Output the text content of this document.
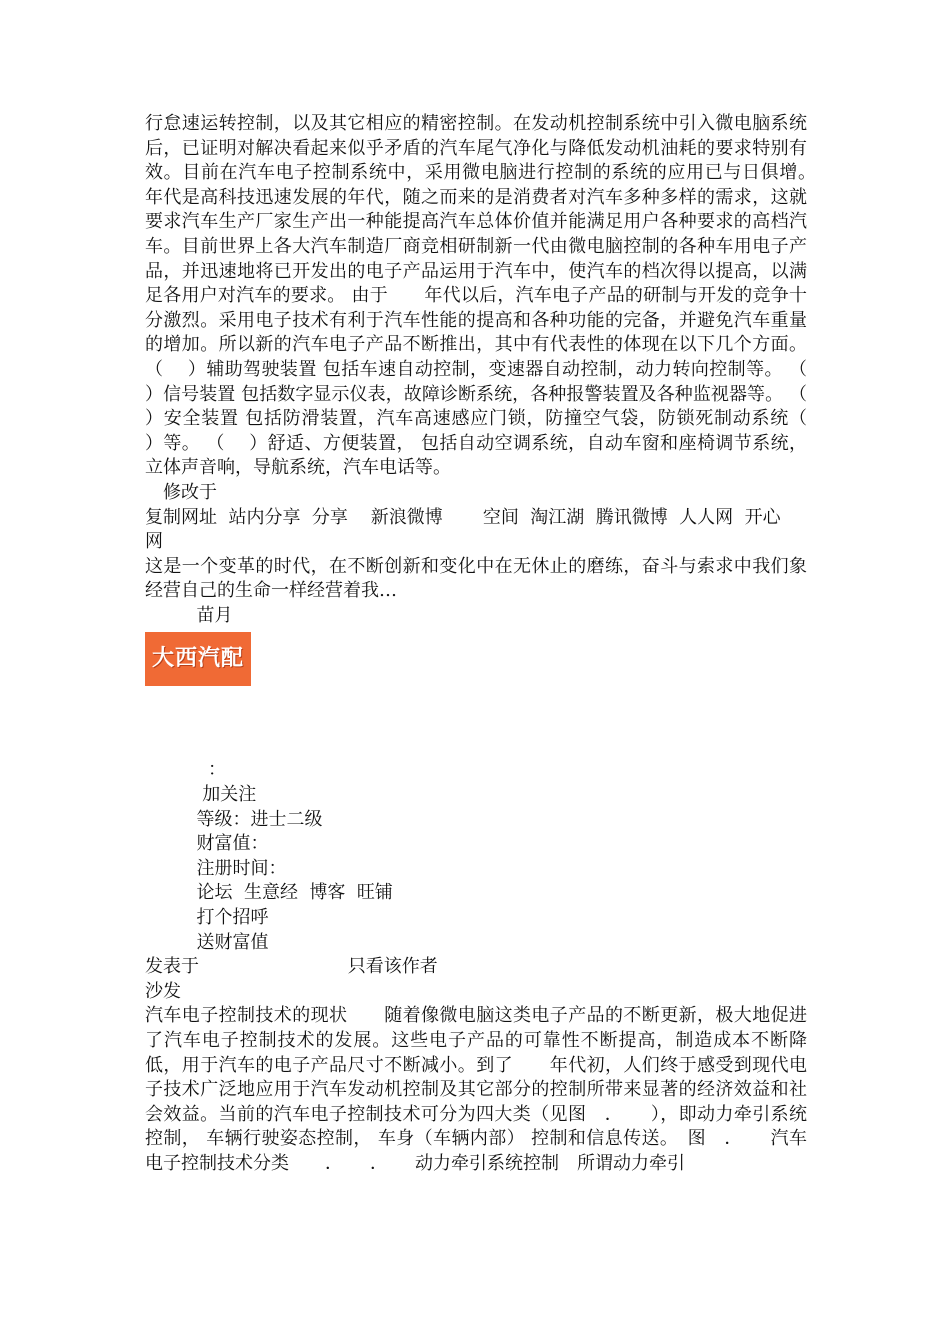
行怠速运转控制，以及其它相应的精密控制。在发动机控制系统中引入微电脑系统后，已证明对解决看起来似乎矛盾的汽车尾气净化与降低发动机油耗的要求特别有效。目前在汽车电子控制系统中，采用微电脑进行控制的系统的应用已与日俱增。　　年代是高科技迅速发展的年代，随之而来的是消费者对汽车多种多样的需求，这就要求汽车生产厂家生产出一种能提高汽车总体价值并能满足用户各种要求的高档汽车。目前世界上各大汽车制造厂商竞相研制新一代由微电脑控制的各种车用电子产品，并迅速地将已开发出的电子产品运用于汽车中，使汽车的档次得以提高，以满足各用户对汽车的要求。 由于　　年代以后，汽车电子产品的研制与开发的竞争十分激烈。采用电子技术有利于汽车性能的提高和各种功能的完备，并避免汽车重量的增加。所以新的汽车电子产品不断推出，其中有代表性的体现在以下几个方面。 （　 ）辅助驾驶装置 包括车速自动控制，变速器自动控制，动力转向控制等。 （　 ）信号装置 包括数字显示仪表，故障诊断系统，各种报警装置及各种监视器等。 （　 ）安全装置 包括防滑装置，汽车高速感应门锁，防撞空气袋，防锁死制动系统（　　 ）等。 （　 ）舒适、方便装置， 包括自动空调系统，自动车窗和座椅调节系统，立体声音响，导航系统，汽车电话等。

　修改于
复制网址  站内分享  分享    新浪微博       空间  淘江湖  腾讯微博  人人网  开心
网

这是一个变革的时代，在不断创新和变化中在无休止的磨练，奋斗与索求中我们象经营自己的生命一样经营着我…

苗月
大西汽配
：
加关注
等级：进士二级
财富值：
注册时间：
论坛  生意经  博客  旺铺
打个招呼
送财富值
发表于                          只看该作者
沙发

汽车电子控制技术的现状　　随着像微电脑这类电子产品的不断更新，极大地促进了汽车电子控制技术的发展。这些电子产品的可靠性不断提高，制造成本不断降低，用于汽车的电子产品尺寸不断减小。到了　　年代初，人们终于感受到现代电子技术广泛地应用于汽车发动机控制及其它部分的控制所带来显著的经济效益和社会效益。当前的汽车电子控制技术可分为四大类（见图　．　　），即动力牵引系统控制， 车辆行驶姿态控制， 车身（车辆内部） 控制和信息传送。　图　．　　汽车电子控制技术分类　　．　　．　　动力牵引系统控制　所谓动力牵引
